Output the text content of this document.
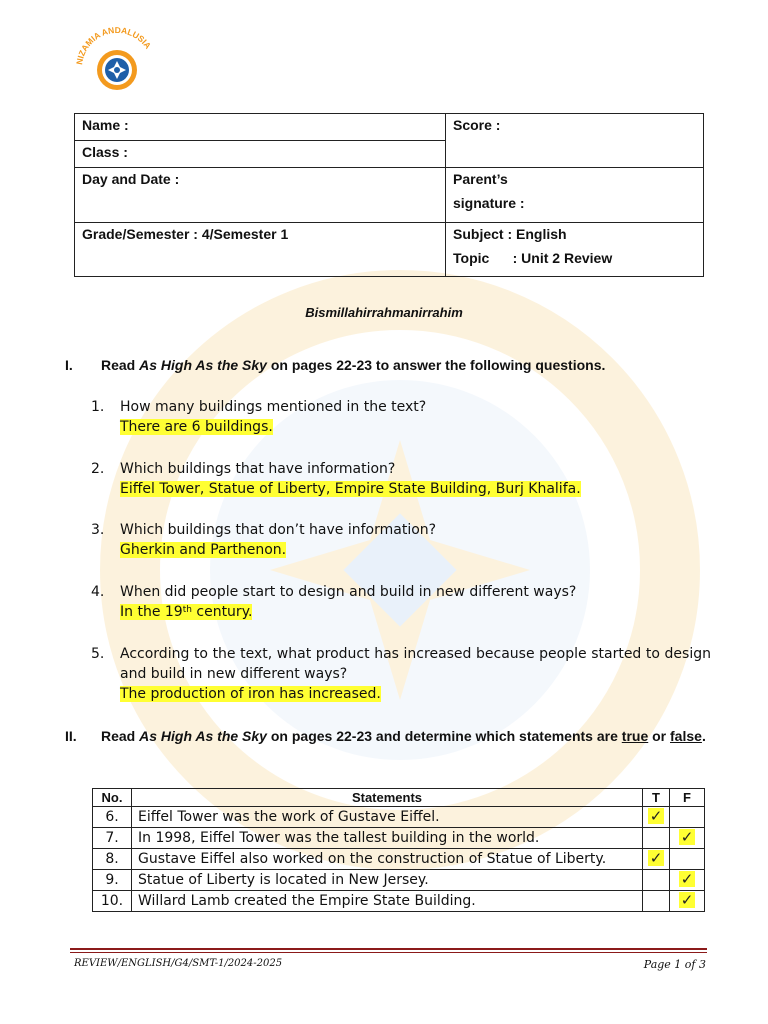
NIZAMIA ANDALUSIA
Name :	Score :
Class :	
Day and Date :	Parent’s
signature :

Grade/Semester : 4/Semester 1	Subject : English
Topic      : Unit 2 Review
Bismillahirrahmanirrahim
I. Read As High As the Sky on pages 22-23 to answer the following questions.
1. How many buildings mentioned in the text?
There are 6 buildings.
2. Which buildings that have information?
Eiffel Tower, Statue of Liberty, Empire State Building, Burj Khalifa.
3. Which buildings that don’t have information?
Gherkin and Parthenon.
4. When did people start to design and build in new different ways?
In the 19th century.
5. According to the text, what product has increased because people started to design and build in new different ways?
The production of iron has increased.
II. Read As High As the Sky on pages 22-23 and determine which statements are true or false.
No.	Statements	T	F
6.	Eiffel Tower was the work of Gustave Eiffel.	✓	
7.	In 1998, Eiffel Tower was the tallest building in the world.		✓
8.	Gustave Eiffel also worked on the construction of Statue of Liberty.	✓	
9.	Statue of Liberty is located in New Jersey.		✓
10.	Willard Lamb created the Empire State Building.		✓
REVIEW/ENGLISH/G4/SMT-1/2024-2025	Page 1 of 3
